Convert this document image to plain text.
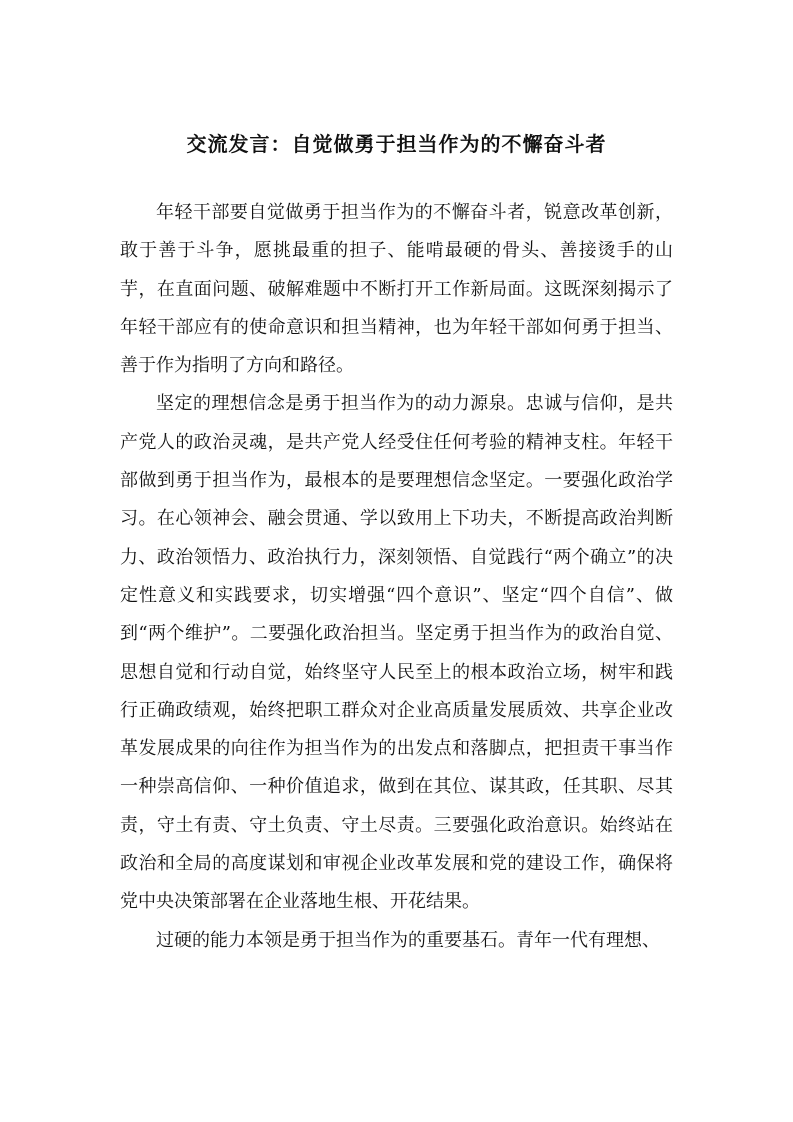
交流发言：自觉做勇于担当作为的不懈奋斗者

年轻干部要自觉做勇于担当作为的不懈奋斗者，锐意改革创新，敢于善于斗争，愿挑最重的担子、能啃最硬的骨头、善接烫手的山芋，在直面问题、破解难题中不断打开工作新局面。这既深刻揭示了年轻干部应有的使命意识和担当精神，也为年轻干部如何勇于担当、善于作为指明了方向和路径。

坚定的理想信念是勇于担当作为的动力源泉。忠诚与信仰，是共产党人的政治灵魂，是共产党人经受住任何考验的精神支柱。年轻干部做到勇于担当作为，最根本的是要理想信念坚定。一要强化政治学习。在心领神会、融会贯通、学以致用上下功夫，不断提高政治判断力、政治领悟力、政治执行力，深刻领悟、自觉践行“两个确立”的决定性意义和实践要求，切实增强“四个意识”、坚定“四个自信”、做到“两个维护”。二要强化政治担当。坚定勇于担当作为的政治自觉、思想自觉和行动自觉，始终坚守人民至上的根本政治立场，树牢和践行正确政绩观，始终把职工群众对企业高质量发展质效、共享企业改革发展成果的向往作为担当作为的出发点和落脚点，把担责干事当作一种崇高信仰、一种价值追求，做到在其位、谋其政，任其职、尽其责，守土有责、守土负责、守土尽责。三要强化政治意识。始终站在政治和全局的高度谋划和审视企业改革发展和党的建设工作，确保将党中央决策部署在企业落地生根、开花结果。

过硬的能力本领是勇于担当作为的重要基石。青年一代有理想、
